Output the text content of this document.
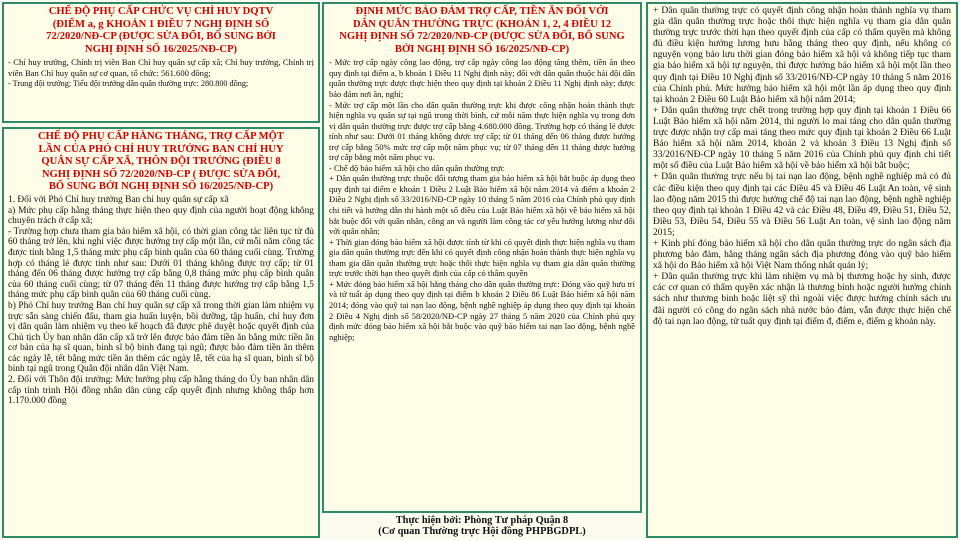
CHẾ ĐỘ PHỤ CẤP CHỨC VỤ CHỈ HUY DQTV
(ĐIỂM a, g KHOẢN 1 ĐIỀU 7 NGHỊ ĐỊNH SỐ
72/2020/NĐ-CP (ĐƯỢC SỬA ĐỔI, BỔ SUNG BỞI
NGHỊ ĐỊNH SỐ 16/2025/NĐ-CP)

- Chỉ huy trưởng, Chính trị viên Ban Chỉ huy quân sự cấp xã; Chỉ huy trưởng, Chính trị viên Ban Chỉ huy quân sự cơ quan, tổ chức: 561.600 đồng;

- Trung đội trưởng; Tiểu đội trưởng dân quân thường trực: 280.800 đồng;

CHẾ ĐỘ PHỤ CẤP HÀNG THÁNG, TRỢ CẤP MỘT
LẦN CỦA PHÓ CHỈ HUY TRƯỞNG BAN CHỈ HUY
QUÂN SỰ CẤP XÃ, THÔN ĐỘI TRƯỞNG (ĐIỀU 8
NGHỊ ĐỊNH SỐ 72/2020/NĐ-CP ( ĐƯỢC SỬA ĐỔI,
BỔ SUNG BỞI NGHỊ ĐỊNH SỐ 16/2025/NĐ-CP)

1. Đối với Phó Chỉ huy trưởng Ban chỉ huy quân sự cấp xã

a) Mức phụ cấp hằng tháng thực hiện theo quy định của người hoạt động không chuyên trách ở cấp xã;

- Trường hợp chưa tham gia bảo hiểm xã hội, có thời gian công tác liên tục từ đủ 60 tháng trở lên, khi nghỉ việc được hưởng trợ cấp một lần, cứ mỗi năm công tác được tính bằng 1,5 tháng mức phụ cấp bình quân của 60 tháng cuối cùng. Trường hợp có tháng lẻ được tính như sau: Dưới 01 tháng không được trợ cấp; từ 01 tháng đến 06 tháng được hưởng trợ cấp bằng 0,8 tháng mức phụ cấp bình quân của 60 tháng cuối cùng; từ 07 tháng đến 11 tháng được hưởng trợ cấp bằng 1,5 tháng mức phụ cấp bình quân của 60 tháng cuối cùng.

b) Phó Chỉ huy trưởng Ban chỉ huy quân sự cấp xã trong thời gian làm nhiệm vụ trực sẵn sàng chiến đấu, tham gia huấn luyện, bồi dưỡng, tập huấn, chỉ huy đơn vị dân quân làm nhiệm vụ theo kế hoạch đã được phê duyệt hoặc quyết định của Chủ tịch Ủy ban nhân dân cấp xã trở lên được bảo đảm tiền ăn bằng mức tiền ăn cơ bản của hạ sĩ quan, binh sĩ bộ binh đang tại ngũ; được bảo đảm tiền ăn thêm các ngày lễ, tết bằng mức tiền ăn thêm các ngày lễ, tết của hạ sĩ quan, binh sĩ bộ binh tại ngũ trong Quân đội nhân dân Việt Nam.

2. Đối với Thôn đội trưởng: Mức hưởng phụ cấp hằng tháng do Ủy ban nhân dân cấp tỉnh trình Hội đồng nhân dân cùng cấp quyết định nhưng không thấp hơn 1.170.000 đồng

ĐỊNH MỨC BẢO ĐẢM TRỢ CẤP, TIỀN ĂN ĐỐI VỚI
DÂN QUÂN THƯỜNG TRỰC (KHOẢN 1, 2, 4 ĐIỀU 12
NGHỊ ĐỊNH SỐ 72/2020/NĐ-CP (ĐƯỢC SỬA ĐỔI, BỔ SUNG
BỞI NGHỊ ĐỊNH SỐ 16/2025/NĐ-CP)

- Mức trợ cấp ngày công lao động, trợ cấp ngày công lao động tăng thêm, tiền ăn theo quy định tại điểm a, b khoản 1 Điều 11 Nghị định này; đối với dân quân thuộc hải đội dân quân thường trực được thực hiện theo quy định tại khoản 2 Điều 11 Nghị định này; được bảo đảm nơi ăn, nghỉ;

- Mức trợ cấp một lần cho dân quân thường trực khi được công nhận hoàn thành thực hiện nghĩa vụ quân sự tại ngũ trong thời bình, cứ mỗi năm thực hiện nghĩa vụ trong đơn vị dân quân thường trực được trợ cấp bằng 4.680.000 đồng. Trường hợp có tháng lẻ được tính như sau: Dưới 01 tháng không được trợ cấp; từ 01 tháng đến 06 tháng được hưởng trợ cấp bằng 50% mức trợ cấp một năm phục vụ; từ 07 tháng đến 11 tháng được hưởng trợ cấp bằng một năm phục vụ.

- Chế độ bảo hiểm xã hội cho dân quân thường trực

+ Dân quân thường trực thuộc đối tượng tham gia bảo hiểm xã hội bắt buộc áp dụng theo quy định tại điểm e khoản 1 Điều 2 Luật Bảo hiểm xã hội năm 2014 và điểm a khoản 2 Điều 2 Nghị định số 33/2016/NĐ-CP ngày 10 tháng 5 năm 2016 của Chính phủ quy định chi tiết và hướng dẫn thi hành một số điều của Luật Bảo hiểm xã hội về bảo hiểm xã hội bắt buộc đối với quân nhân, công an và người làm công tác cơ yếu hưởng lương như đối với quân nhân;

+ Thời gian đóng bảo hiểm xã hội được tính từ khi có quyết định thực hiện nghĩa vụ tham gia dân quân thường trực đến khi có quyết định công nhận hoàn thành thực hiện nghĩa vụ tham gia dân quân thường trực hoặc thôi thực hiện nghĩa vụ tham gia dân quân thường trực trước thời hạn theo quyết định của cấp có thẩm quyền

+ Mức đóng bảo hiểm xã hội hằng tháng cho dân quân thường trực: Đóng vào quỹ hưu trí và tử tuất áp dụng theo quy định tại điểm b khoản 2 Điều 86 Luật Bảo hiểm xã hội năm 2014; đóng vào quỹ tai nạn lao động, bệnh nghề nghiệp áp dụng theo quy định tại khoản 2 Điều 4 Nghị định số 58/2020/NĐ-CP ngày 27 tháng 5 năm 2020 của Chính phủ quy định mức đóng bảo hiểm xã hội bắt buộc vào quỹ bảo hiểm tai nạn lao động, bệnh nghề nghiệp;

Thực hiện bởi: Phòng Tư pháp Quận 8
(Cơ quan Thường trực Hội đồng PHPBGDPL)

+ Dân quân thường trực có quyết định công nhận hoàn thành nghĩa vụ tham gia dân quân thường trực hoặc thôi thực hiện nghĩa vụ tham gia dân quân thường trực trước thời hạn theo quyết định của cấp có thẩm quyền mà không đủ điều kiện hưởng lương hưu hằng tháng theo quy định, nếu không có nguyện vọng bảo lưu thời gian đóng bảo hiểm xã hội và không tiếp tục tham gia bảo hiểm xã hội tự nguyện, thì được hưởng bảo hiểm xã hội một lần theo quy định tại Điều 10 Nghị định số 33/2016/NĐ-CP ngày 10 tháng 5 năm 2016 của Chính phủ. Mức hưởng bảo hiểm xã hội một lần áp dụng theo quy định tại khoản 2 Điều 60 Luật Bảo hiểm xã hội năm 2014;

+ Dân quân thường trực chết trong trường hợp quy định tại khoản 1 Điều 66 Luật Bảo hiểm xã hội năm 2014, thì người lo mai táng cho dân quân thường trực được nhận trợ cấp mai táng theo mức quy định tại khoản 2 Điều 66 Luật Bảo hiểm xã hội năm 2014, khoản 2 và khoản 3 Điều 13 Nghị định số 33/2016/NĐ-CP ngày 10 tháng 5 năm 2016 của Chính phủ quy định chi tiết một số điều của Luật Bảo hiểm xã hội về bảo hiểm xã hội bắt buộc;

+ Dân quân thường trực nếu bị tai nạn lao động, bệnh nghề nghiệp mà có đủ các điều kiện theo quy định tại các Điều 45 và Điều 46 Luật An toàn, vệ sinh lao động năm 2015 thì được hưởng chế độ tai nạn lao động, bệnh nghề nghiệp theo quy định tại khoản 1 Điều 42 và các Điều 48, Điều 49, Điều 51, Điều 52, Điều 53, Điều 54, Điều 55 và Điều 56 Luật An toàn, vệ sinh lao động năm 2015;

+ Kinh phí đóng bảo hiểm xã hội cho dân quân thường trực do ngân sách địa phương bảo đảm, hằng tháng ngân sách địa phương đóng vào quỹ bảo hiểm xã hội do Bảo hiểm xã hội Việt Nam thống nhất quản lý;

+ Dân quân thường trực khi làm nhiệm vụ mà bị thương hoặc hy sinh, được các cơ quan có thẩm quyền xác nhận là thương binh hoặc người hưởng chính sách như thương binh hoặc liệt sỹ thì ngoài việc được hưởng chính sách ưu đãi người có công do ngân sách nhà nước bảo đảm, vẫn được thực hiện chế độ tai nạn lao động, tử tuất quy định tại điểm đ, điểm e, điểm g khoản này.
